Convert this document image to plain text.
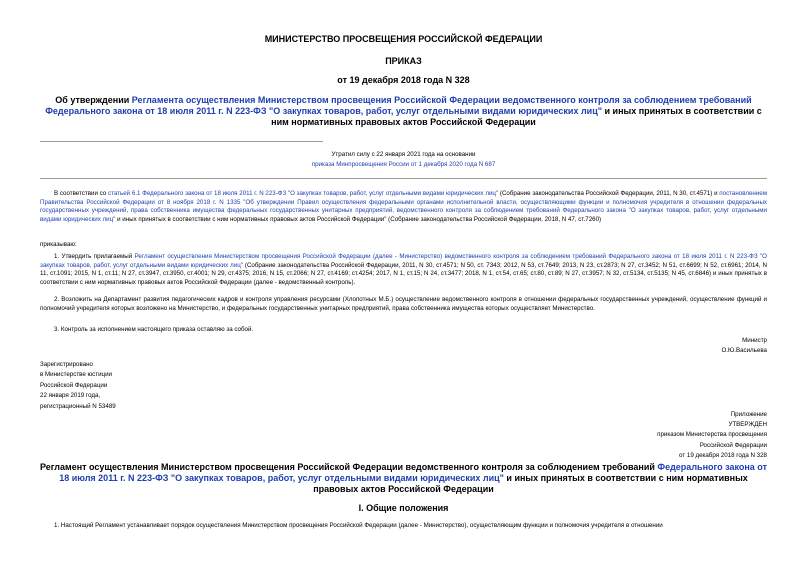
МИНИСТЕРСТВО ПРОСВЕЩЕНИЯ РОССИЙСКОЙ ФЕДЕРАЦИИ
ПРИКАЗ
от 19 декабря 2018 года N 328
Об утверждении Регламента осуществления Министерством просвещения Российской Федерации ведомственного контроля за соблюдением требований Федерального закона от 18 июля 2011 г. N 223-ФЗ "О закупках товаров, работ, услуг отдельными видами юридических лиц" и иных принятых в соответствии с ним нормативных правовых актов Российской Федерации
Утратил силу с 22 января 2021 года на основании
приказа Минпросвещения России от 1 декабря 2020 года N 687
В соответствии со статьей 6.1 Федерального закона от 18 июля 2011 г. N 223-ФЗ "О закупках товаров, работ, услуг отдельными видами юридических лиц" (Собрание законодательства Российской Федерации, 2011, N 30, ст.4571) и постановлением Правительства Российской Федерации от 8 ноября 2018 г. N 1335 "Об утверждении Правил осуществления федеральными органами исполнительной власти, осуществляющими функции и полномочия учредителя в отношении федеральных государственных учреждений, права собственника имущества федеральных государственных унитарных предприятий, ведомственного контроля за соблюдением требований Федерального закона "О закупках товаров, работ, услуг отдельными видами юридических лиц" и иных принятых в соответствии с ним нормативных правовых актов Российской Федерации" (Собрание законодательства Российской Федерации, 2018, N 47, ст.7260)
приказываю:
1. Утвердить прилагаемый Регламент осуществления Министерством просвещения Российской Федерации (далее - Министерство) ведомственного контроля за соблюдением требований Федерального закона от 18 июля 2011 г. N 223-ФЗ "О закупках товаров, работ, услуг отдельными видами юридических лиц" (Собрание законодательства Российской Федерации, 2011, N 30, ст.4571; N 50, ст. 7343; 2012, N 53, ст.7649; 2013, N 23, ст.2873; N 27, ст.3452; N 51, ст.6699; N 52, ст.6961; 2014, N 11, ст.1091; 2015, N 1, ст.11; N 27, ст.3947, ст.3950, ст.4001; N 29, ст.4375; 2016, N 15, ст.2066; N 27, ст.4169; ст.4254; 2017, N 1, ст.15; N 24, ст.3477; 2018, N 1, ст.54, ст.65; ст.80, ст.89; N 27, ст.3957; N 32, ст.5134, ст.5135; N 45, ст.6846) и иных принятых в соответствии с ним нормативных правовых актов Российской Федерации (далее - ведомственный контроль).
2. Возложить на Департамент развития педагогических кадров и контроля управления ресурсами (Хлопотных М.Б.) осуществление ведомственного контроля в отношении федеральных государственных учреждений, осуществление функций и полномочий учредителя которых возложено на Министерство, и федеральных государственных унитарных предприятий, права собственника имущества которых осуществляет Министерство.
3. Контроль за исполнением настоящего приказа оставляю за собой.
Министр
О.Ю.Васильева

Зарегистрировано

в Министерстве юстиции

Российской Федерации

22 января 2019 года,

регистрационный N 53489

Приложение

УТВЕРЖДЕН

приказом Министерства просвещения

Российской Федерации

от 19 декабря 2018 года N 328

Регламент осуществления Министерством просвещения Российской Федерации ведомственного контроля за соблюдением требований Федерального закона от 18 июля 2011 г. N 223-ФЗ "О закупках товаров, работ, услуг отдельными видами юридических лиц" и иных принятых в соответствии с ним нормативных правовых актов Российской Федерации
I. Общие положения
1. Настоящий Регламент устанавливает порядок осуществления Министерством просвещения Российской Федерации (далее - Министерство), осуществляющим функции и полномочия учредителя в отношении
